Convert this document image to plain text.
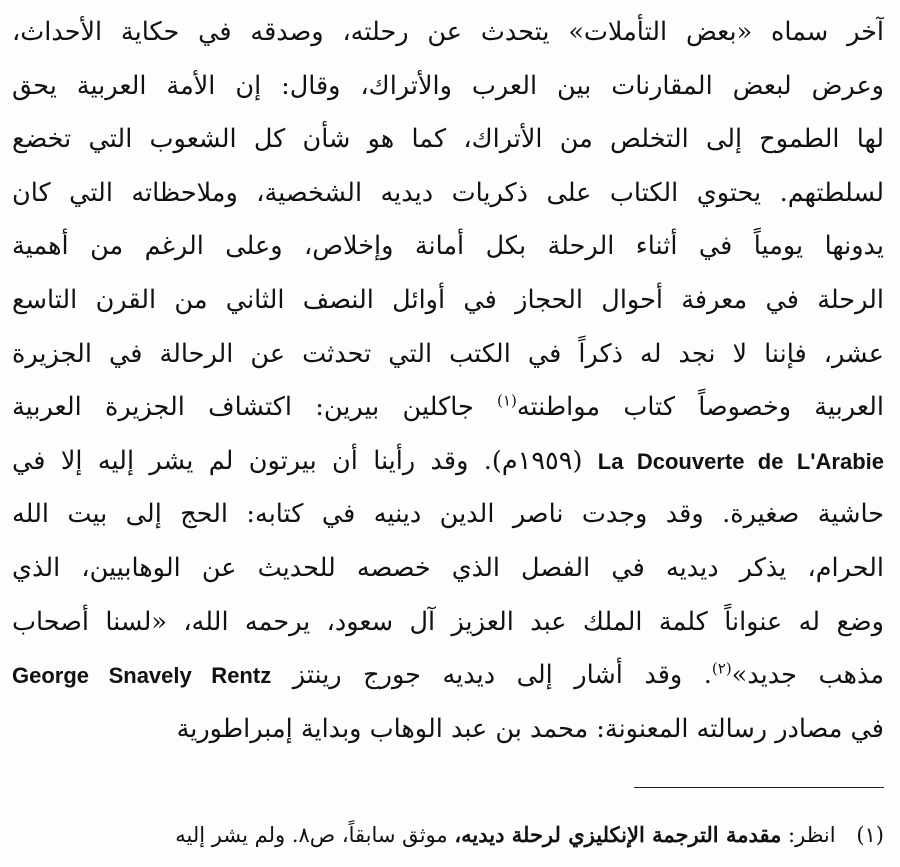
آخر سماه «بعض التأملات» يتحدث عن رحلته، وصدقه في حكاية الأحداث،
وعرض لبعض المقارنات بين العرب والأتراك، وقال: إن الأمة العربية يحق
لها الطموح إلى التخلص من الأتراك، كما هو شأن كل الشعوب التي تخضع
لسلطتهم. يحتوي الكتاب على ذكريات ديديه الشخصية، وملاحظاته التي كان
يدونها يومياً في أثناء الرحلة بكل أمانة وإخلاص، وعلى الرغم من أهمية
الرحلة في معرفة أحوال الحجاز في أوائل النصف الثاني من القرن التاسع
عشر، فإننا لا نجد له ذكراً في الكتب التي تحدثت عن الرحالة في الجزيرة
العربية وخصوصاً كتاب مواطنته$^{(١)}$ جاكلين بيرين: اكتشاف الجزيرة العربية
La Dcouverte de L'Arabie (١٩٥٩م). وقد رأينا أن بيرتون لم يشر إليه إلا في
حاشية صغيرة. وقد وجدت ناصر الدين دينيه في كتابه: الحج إلى بيت الله
الحرام، يذكر ديديه في الفصل الذي خصصه للحديث عن الوهابيين، الذي
وضع له عنواناً كلمة الملك عبد العزيز آل سعود، يرحمه الله، «لسنا أصحاب
مذهب جديد»$^{(٢)}$. وقد أشار إلى ديديه جورج رينتز George Snavely Rentz
في مصادر رسالته المعنونة: محمد بن عبد الوهاب وبداية إمبراطورية
(١) انظر: مقدمة الترجمة الإنكليزي لرحلة ديديه، موثق سابقاً، ص٨. ولم يشر إليه
